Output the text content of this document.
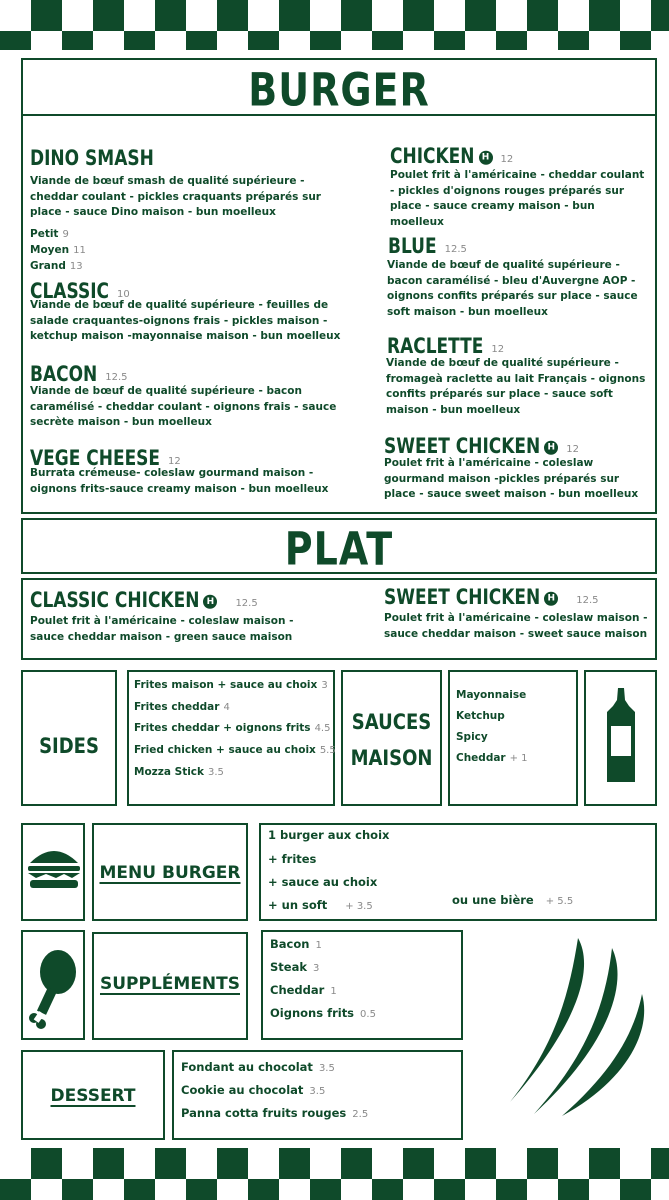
BURGER
DINO SMASH
Viande de bœuf smash de qualité supérieure - cheddar coulant - pickles craquants préparés sur place - sauce Dino maison - bun moelleux
Petit 9
Moyen 11
Grand 13
CLASSIC 10
Viande de bœuf de qualité supérieure - feuilles de salade craquantes-oignons frais - pickles maison - ketchup maison -mayonnaise maison - bun moelleux
BACON 12.5
Viande de bœuf de qualité supérieure - bacon caramélisé - cheddar coulant - oignons frais - sauce secrète maison - bun moelleux
VEGE CHEESE 12
Burrata crémeuse- coleslaw gourmand maison - oignons frits-sauce creamy maison - bun moelleux
CHICKEN H 12
Poulet frit à l'américaine - cheddar coulant - pickles d'oignons rouges préparés sur place - sauce creamy maison - bun moelleux
BLUE 12.5
Viande de bœuf de qualité supérieure - bacon caramélisé - bleu d'Auvergne AOP - oignons confits préparés sur place - sauce soft maison - bun moelleux
RACLETTE 12
Viande de bœuf de qualité supérieure - fromageà raclette au lait Français - oignons confits préparés sur place - sauce soft maison - bun moelleux
SWEET CHICKEN H 12
Poulet frit à l'américaine - coleslaw gourmand maison -pickles préparés sur place - sauce sweet maison - bun moelleux
PLAT
CLASSIC CHICKEN H 12.5
Poulet frit à l'américaine - coleslaw maison - sauce cheddar maison - green sauce maison
SWEET CHICKEN H 12.5
Poulet frit à l'américaine - coleslaw maison - sauce cheddar maison - sweet sauce maison
SIDES
Frites maison + sauce au choix 3
Frites cheddar 4
Frites cheddar + oignons frits 4.5
Fried chicken + sauce au choix 5.5
Mozza Stick 3.5
SAUCES
MAISON
Mayonnaise
Ketchup
Spicy
Cheddar + 1
MENU BURGER
1 burger aux choix
+ frites
+ sauce au choix
+ un soft + 3.5	ou une bière + 5.5
SUPPLÉMENTS
Bacon 1
Steak 3
Cheddar 1
Oignons frits 0.5
DESSERT
Fondant au chocolat 3.5
Cookie au chocolat 3.5
Panna cotta fruits rouges 2.5
